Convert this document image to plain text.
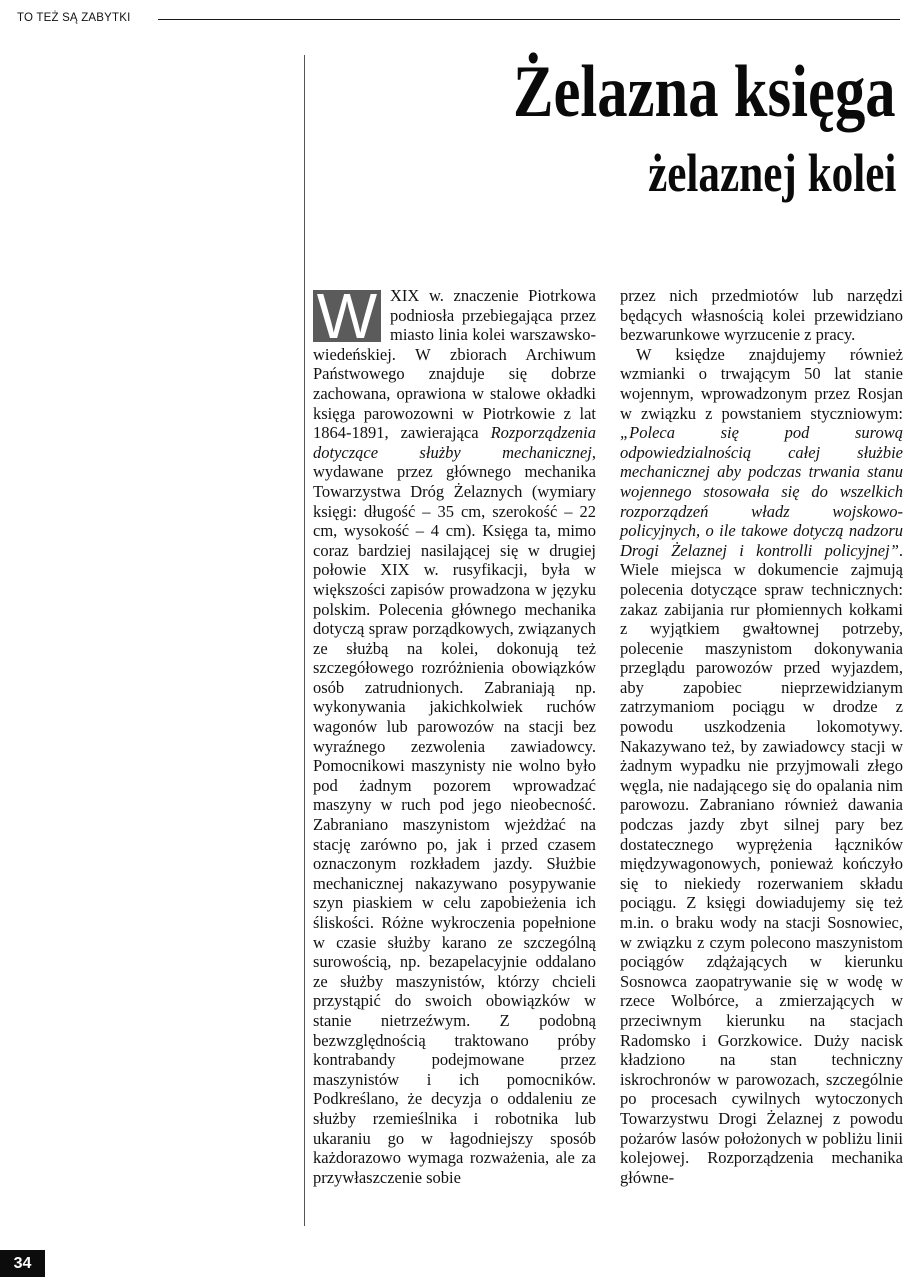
TO TEŻ SĄ ZABYTKI
Żelazna księga
żelaznej kolei
W XIX w. znaczenie Piotrkowa podniosła przebiegająca przez miasto linia kolei warszawsko-wiedeńskiej. W zbiorach Archiwum Państwowego znajduje się dobrze zachowana, oprawiona w stalowe okładki księga parowozowni w Piotrkowie z lat 1864-1891, zawierająca Rozporządzenia dotyczące służby mechanicznej, wydawane przez głównego mechanika Towarzystwa Dróg Żelaznych (wymiary księgi: długość – 35 cm, szerokość – 22 cm, wysokość – 4 cm). Księga ta, mimo coraz bardziej nasilającej się w drugiej połowie XIX w. rusyfikacji, była w większości zapisów prowadzona w języku polskim. Polecenia głównego mechanika dotyczą spraw porządkowych, związanych ze służbą na kolei, dokonują też szczegółowego rozróżnienia obowiązków osób zatrudnionych. Zabraniają np. wykonywania jakichkolwiek ruchów wagonów lub parowozów na stacji bez wyraźnego zezwolenia zawiadowcy. Pomocnikowi maszynisty nie wolno było pod żadnym pozorem wprowadzać maszyny w ruch pod jego nieobecność. Zabraniano maszynistom wjeżdżać na stację zarówno po, jak i przed czasem oznaczonym rozkładem jazdy. Służbie mechanicznej nakazywano posypywanie szyn piaskiem w celu zapobieżenia ich śliskości. Różne wykroczenia popełnione w czasie służby karano ze szczególną surowością, np. bezapelacyjnie oddalano ze służby maszynistów, którzy chcieli przystąpić do swoich obowiązków w stanie nietrzeźwym. Z podobną bezwzględnością traktowano próby kontrabandy podejmowane przez maszynistów i ich pomocników. Podkreślano, że decyzja o oddaleniu ze służby rzemieślnika i robotnika lub ukaraniu go w łagodniejszy sposób każdorazowo wymaga rozważenia, ale za przywłaszczenie sobie

przez nich przedmiotów lub narzędzi będących własnością kolei przewidziano bezwarunkowe wyrzucenie z pracy.

W księdze znajdujemy również wzmianki o trwającym 50 lat stanie wojennym, wprowadzonym przez Rosjan w związku z powstaniem styczniowym: „Poleca się pod surową odpowiedzialnością całej służbie mechanicznej aby podczas trwania stanu wojennego stosowała się do wszelkich rozporządzeń władz wojskowo-policyjnych, o ile takowe dotyczą nadzoru Drogi Żelaznej i kontrolli policyjnej”. Wiele miejsca w dokumencie zajmują polecenia dotyczące spraw technicznych: zakaz zabijania rur płomiennych kołkami z wyjątkiem gwałtownej potrzeby, polecenie maszynistom dokonywania przeglądu parowozów przed wyjazdem, aby zapobiec nieprzewidzianym zatrzymaniom pociągu w drodze z powodu uszkodzenia lokomotywy. Nakazywano też, by zawiadowcy stacji w żadnym wypadku nie przyjmowali złego węgla, nie nadającego się do opalania nim parowozu. Zabraniano również dawania podczas jazdy zbyt silnej pary bez dostatecznego wyprężenia łączników międzywagonowych, ponieważ kończyło się to niekiedy rozerwaniem składu pociągu. Z księgi dowiadujemy się też m.in. o braku wody na stacji Sosnowiec, w związku z czym polecono maszynistom pociągów zdążających w kierunku Sosnowca zaopatrywanie się w wodę w rzece Wolbórce, a zmierzających w przeciwnym kierunku na stacjach Radomsko i Gorzkowice. Duży nacisk kładziono na stan techniczny iskrochronów w parowozach, szczególnie po procesach cywilnych wytoczonych Towarzystwu Drogi Żelaznej z powodu pożarów lasów położonych w pobliżu linii kolejowej. Rozporządzenia mechanika główne-

34
